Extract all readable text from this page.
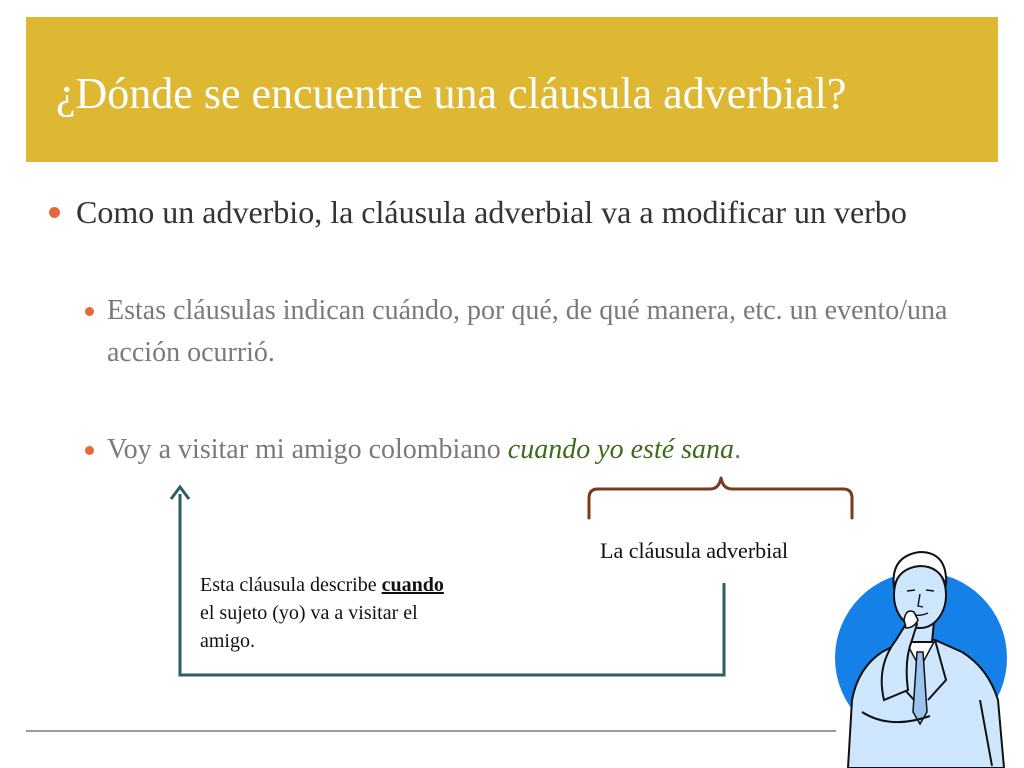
¿Dónde se encuentre una cláusula adverbial?
Como un adverbio, la cláusula adverbial va a modificar un verbo
Estas cláusulas indican cuándo, por qué, de qué manera, etc. un evento/una acción ocurrió.
Voy a visitar mi amigo colombiano cuando yo esté sana.
La cláusula adverbial
Esta cláusula describe cuando el sujeto (yo) va a visitar el amigo.
